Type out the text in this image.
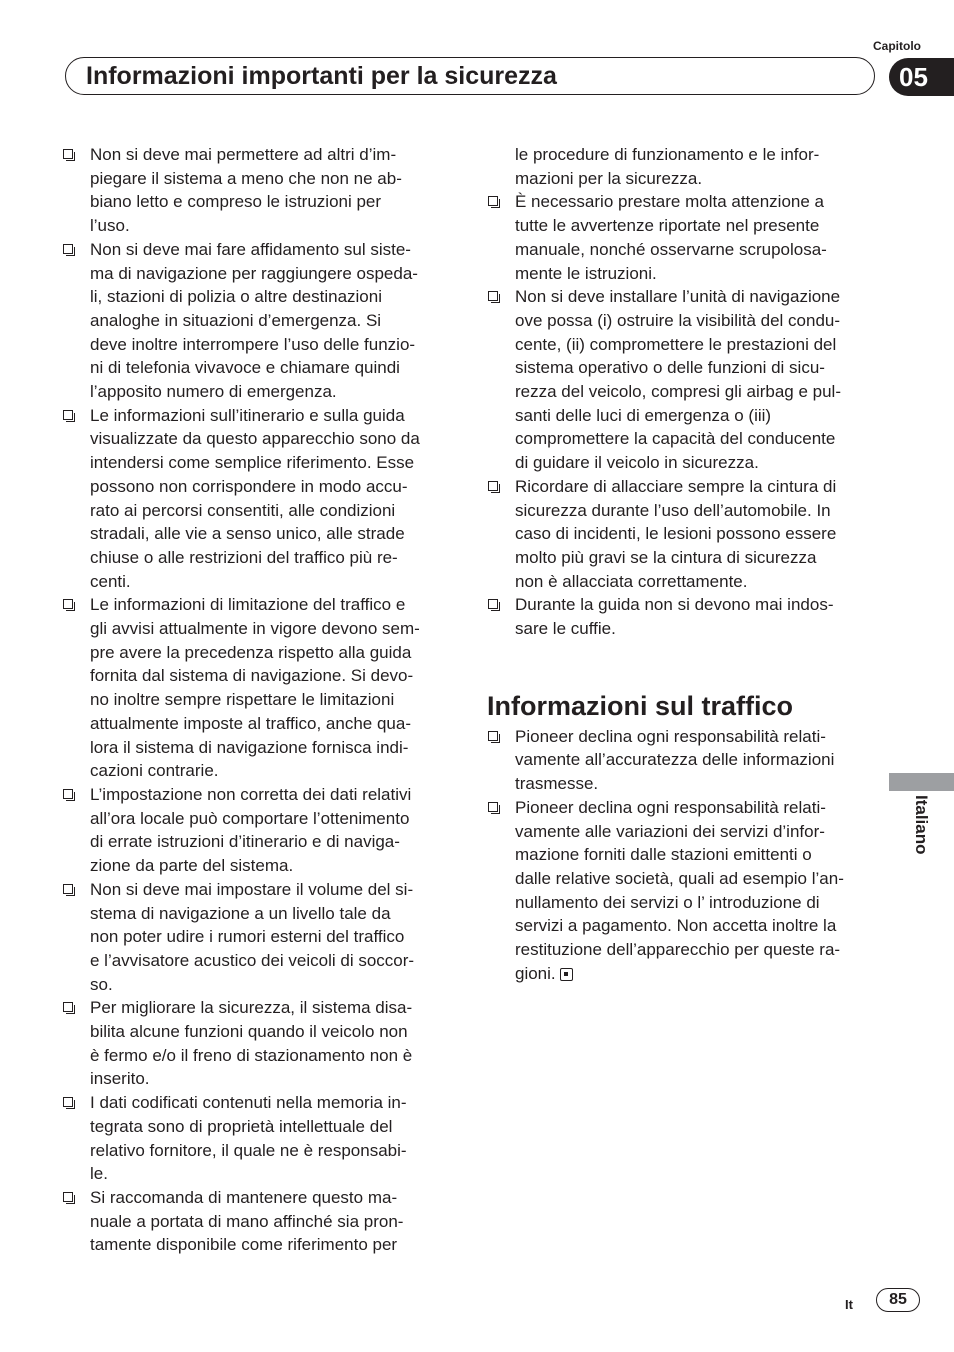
Capitolo
Informazioni importanti per la sicurezza	05
Non si deve mai permettere ad altri d’im-
piegare il sistema a meno che non ne ab-
biano letto e compreso le istruzioni per
l’uso.
Non si deve mai fare affidamento sul siste-
ma di navigazione per raggiungere ospeda-
li, stazioni di polizia o altre destinazioni
analoghe in situazioni d’emergenza. Si
deve inoltre interrompere l’uso delle funzio-
ni di telefonia vivavoce e chiamare quindi
l’apposito numero di emergenza.
Le informazioni sull’itinerario e sulla guida
visualizzate da questo apparecchio sono da
intendersi come semplice riferimento. Esse
possono non corrispondere in modo accu-
rato ai percorsi consentiti, alle condizioni
stradali, alle vie a senso unico, alle strade
chiuse o alle restrizioni del traffico più re-
centi.
Le informazioni di limitazione del traffico e
gli avvisi attualmente in vigore devono sem-
pre avere la precedenza rispetto alla guida
fornita dal sistema di navigazione. Si devo-
no inoltre sempre rispettare le limitazioni
attualmente imposte al traffico, anche qua-
lora il sistema di navigazione fornisca indi-
cazioni contrarie.
L’impostazione non corretta dei dati relativi
all’ora locale può comportare l’ottenimento
di errate istruzioni d’itinerario e di naviga-
zione da parte del sistema.
Non si deve mai impostare il volume del si-
stema di navigazione a un livello tale da
non poter udire i rumori esterni del traffico
e l’avvisatore acustico dei veicoli di soccor-
so.
Per migliorare la sicurezza, il sistema disa-
bilita alcune funzioni quando il veicolo non
è fermo e/o il freno di stazionamento non è
inserito.
I dati codificati contenuti nella memoria in-
tegrata sono di proprietà intellettuale del
relativo fornitore, il quale ne è responsabi-
le.
Si raccomanda di mantenere questo ma-
nuale a portata di mano affinché sia pron-
tamente disponibile come riferimento per
le procedure di funzionamento e le infor-
mazioni per la sicurezza.
È necessario prestare molta attenzione a
tutte le avvertenze riportate nel presente
manuale, nonché osservarne scrupolosa-
mente le istruzioni.
Non si deve installare l’unità di navigazione
ove possa (i) ostruire la visibilità del condu-
cente, (ii) compromettere le prestazioni del
sistema operativo o delle funzioni di sicu-
rezza del veicolo, compresi gli airbag e pul-
santi delle luci di emergenza o (iii)
compromettere la capacità del conducente
di guidare il veicolo in sicurezza.
Ricordare di allacciare sempre la cintura di
sicurezza durante l’uso dell’automobile. In
caso di incidenti, le lesioni possono essere
molto più gravi se la cintura di sicurezza
non è allacciata correttamente.
Durante la guida non si devono mai indos-
sare le cuffie.
Informazioni sul traffico
Pioneer declina ogni responsabilità relati-
vamente all’accuratezza delle informazioni
trasmesse.
Pioneer declina ogni responsabilità relati-
vamente alle variazioni dei servizi d’infor-
mazione forniti dalle stazioni emittenti o
dalle relative società, quali ad esempio l’an-
nullamento dei servizi o l’ introduzione di
servizi a pagamento. Non accetta inoltre la
restituzione dell’apparecchio per queste ra-
gioni.
Italiano
It	85
